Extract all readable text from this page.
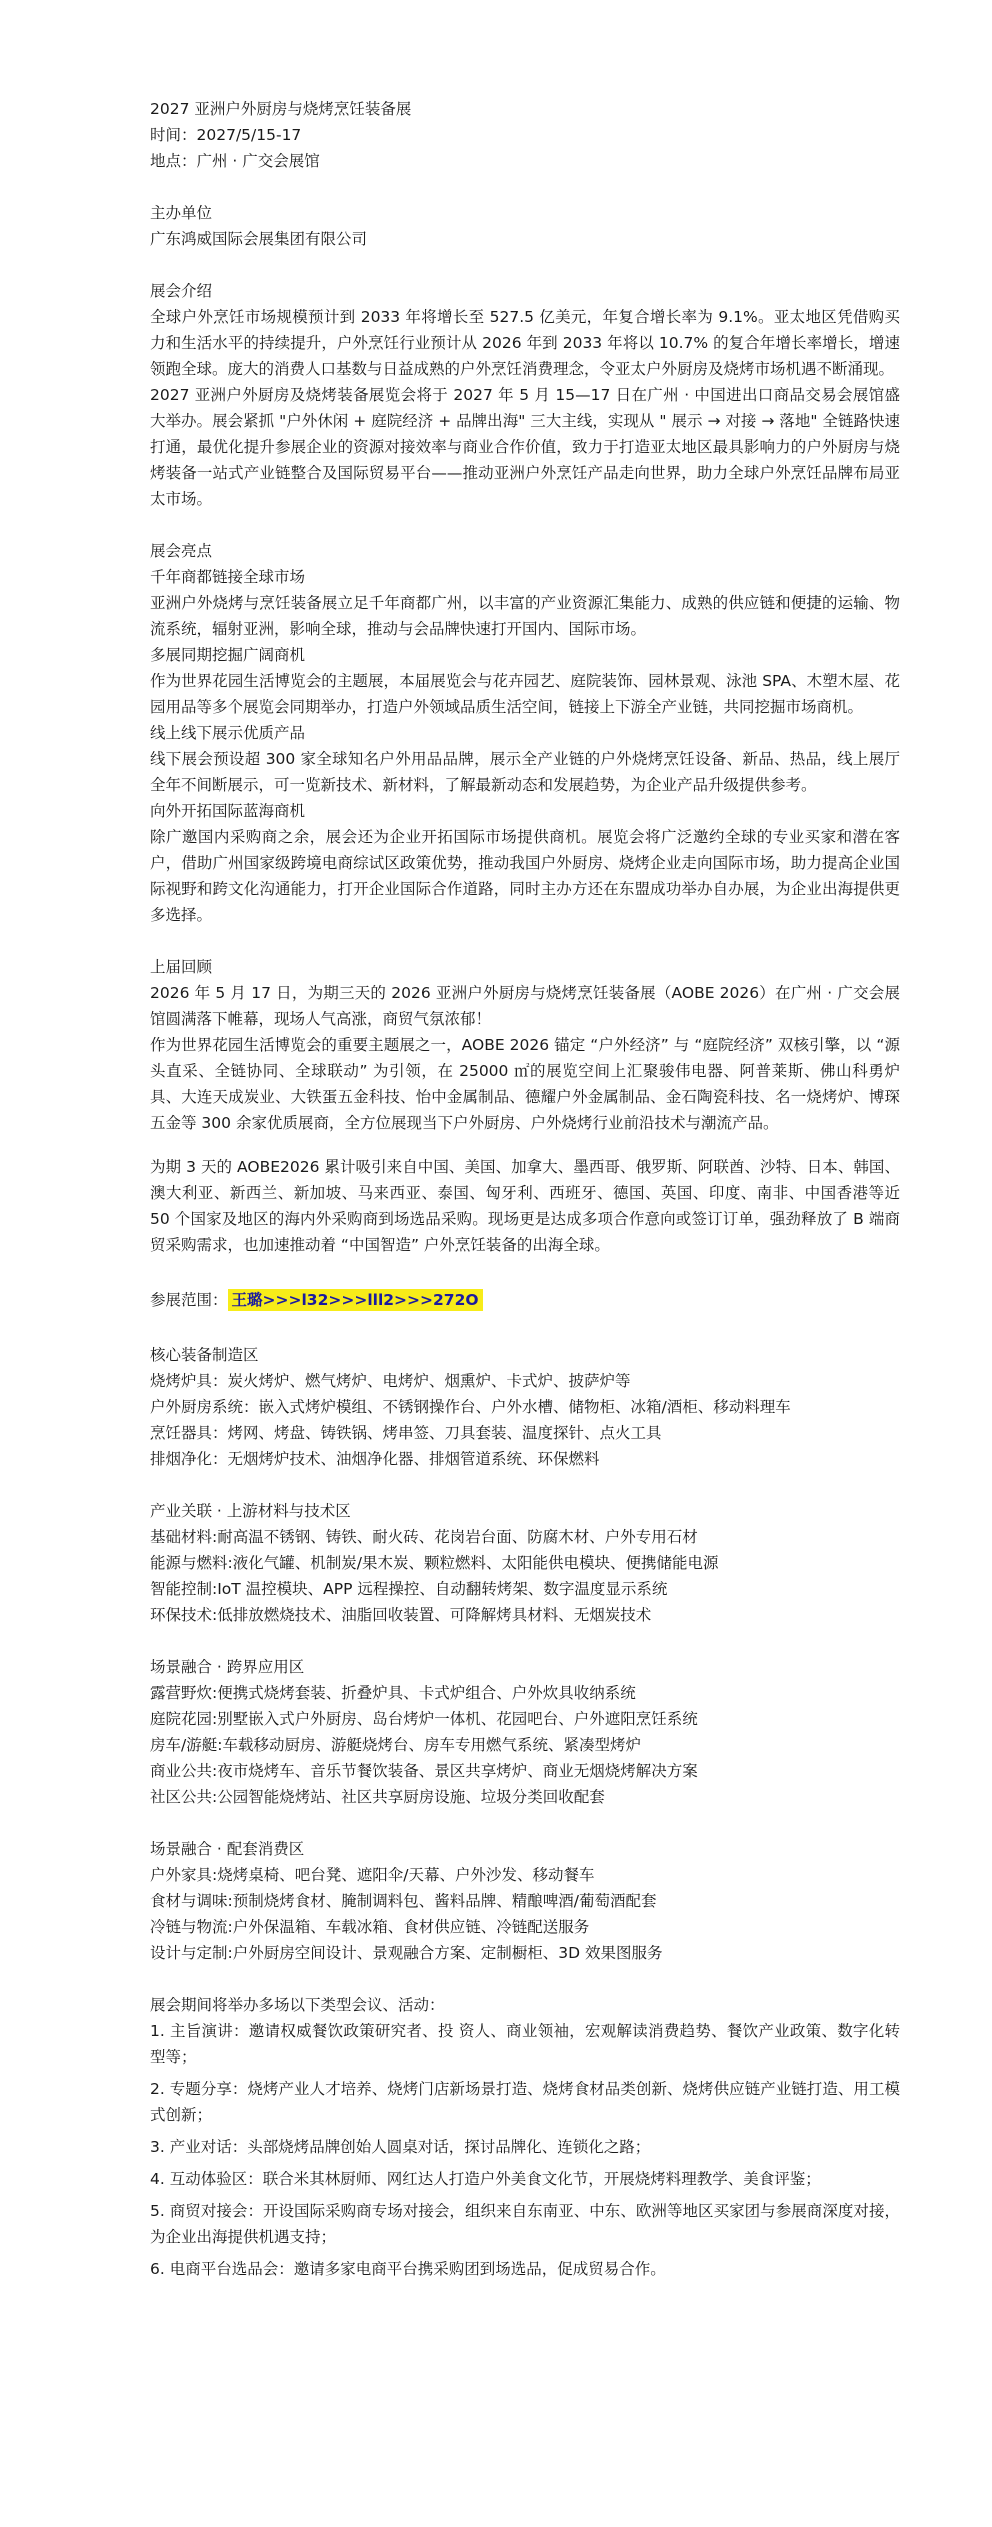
2027 亚洲户外厨房与烧烤烹饪装备展

时间：2027/5/15-17

地点：广州 · 广交会展馆

主办单位

广东鸿威国际会展集团有限公司

展会介绍

全球户外烹饪市场规模预计到 2033 年将增长至 527.5 亿美元，年复合增长率为 9.1%。亚太地区凭借购买力和生活水平的持续提升，户外烹饪行业预计从 2026 年到 2033 年将以 10.7% 的复合年增长率增长，增速领跑全球。庞大的消费人口基数与日益成熟的户外烹饪消费理念，令亚太户外厨房及烧烤市场机遇不断涌现。

2027 亚洲户外厨房及烧烤装备展览会将于 2027 年 5 月 15—17 日在广州 · 中国进出口商品交易会展馆盛大举办。展会紧抓 "户外休闲 + 庭院经济 + 品牌出海" 三大主线，实现从 " 展示 → 对接 → 落地" 全链路快速打通，最优化提升参展企业的资源对接效率与商业合作价值，致力于打造亚太地区最具影响力的户外厨房与烧烤装备一站式产业链整合及国际贸易平台——推动亚洲户外烹饪产品走向世界，助力全球户外烹饪品牌布局亚太市场。

展会亮点

千年商都链接全球市场

亚洲户外烧烤与烹饪装备展立足千年商都广州，以丰富的产业资源汇集能力、成熟的供应链和便捷的运输、物流系统，辐射亚洲，影响全球，推动与会品牌快速打开国内、国际市场。

多展同期挖掘广阔商机

作为世界花园生活博览会的主题展，本届展览会与花卉园艺、庭院装饰、园林景观、泳池 SPA、木塑木屋、花园用品等多个展览会同期举办，打造户外领域品质生活空间，链接上下游全产业链，共同挖掘市场商机。

线上线下展示优质产品

线下展会预设超 300 家全球知名户外用品品牌，展示全产业链的户外烧烤烹饪设备、新品、热品，线上展厅全年不间断展示，可一览新技术、新材料，了解最新动态和发展趋势，为企业产品升级提供参考。

向外开拓国际蓝海商机

除广邀国内采购商之余，展会还为企业开拓国际市场提供商机。展览会将广泛邀约全球的专业买家和潜在客户，借助广州国家级跨境电商综试区政策优势，推动我国户外厨房、烧烤企业走向国际市场，助力提高企业国际视野和跨文化沟通能力，打开企业国际合作道路，同时主办方还在东盟成功举办自办展，为企业出海提供更多选择。

上届回顾

2026 年 5 月 17 日，为期三天的 2026 亚洲户外厨房与烧烤烹饪装备展（AOBE 2026）在广州 · 广交会展馆圆满落下帷幕，现场人气高涨，商贸气氛浓郁！

作为世界花园生活博览会的重要主题展之一，AOBE 2026 锚定 “户外经济” 与 “庭院经济” 双核引擎，以 “源头直采、全链协同、全球联动” 为引领，在 25000 ㎡的展览空间上汇聚骏伟电器、阿普莱斯、佛山科勇炉具、大连天成炭业、大铁蛋五金科技、怡中金属制品、德耀户外金属制品、金石陶瓷科技、名一烧烤炉、博琛五金等 300 余家优质展商，全方位展现当下户外厨房、户外烧烤行业前沿技术与潮流产品。

为期 3 天的 AOBE2026 累计吸引来自中国、美国、加拿大、墨西哥、俄罗斯、阿联酋、沙特、日本、韩国、澳大利亚、新西兰、新加坡、马来西亚、泰国、匈牙利、西班牙、德国、英国、印度、南非、中国香港等近 50 个国家及地区的海内外采购商到场选品采购。现场更是达成多项合作意向或签订订单，强劲释放了 B 端商贸采购需求，也加速推动着 “中国智造” 户外烹饪装备的出海全球。

参展范围： 王璐>>>l32>>>lll2>>>272O

核心装备制造区

烧烤炉具：炭火烤炉、燃气烤炉、电烤炉、烟熏炉、卡式炉、披萨炉等

户外厨房系统：嵌入式烤炉模组、不锈钢操作台、户外水槽、储物柜、冰箱/酒柜、移动料理车

烹饪器具：烤网、烤盘、铸铁锅、烤串签、刀具套装、温度探针、点火工具

排烟净化：无烟烤炉技术、油烟净化器、排烟管道系统、环保燃料

产业关联 · 上游材料与技术区

基础材料:耐高温不锈钢、铸铁、耐火砖、花岗岩台面、防腐木材、户外专用石材

能源与燃料:液化气罐、机制炭/果木炭、颗粒燃料、太阳能供电模块、便携储能电源

智能控制:IoT 温控模块、APP 远程操控、自动翻转烤架、数字温度显示系统

环保技术:低排放燃烧技术、油脂回收装置、可降解烤具材料、无烟炭技术

场景融合 · 跨界应用区

露营野炊:便携式烧烤套装、折叠炉具、卡式炉组合、户外炊具收纳系统

庭院花园:别墅嵌入式户外厨房、岛台烤炉一体机、花园吧台、户外遮阳烹饪系统

房车/游艇:车载移动厨房、游艇烧烤台、房车专用燃气系统、紧凑型烤炉

商业公共:夜市烧烤车、音乐节餐饮装备、景区共享烤炉、商业无烟烧烤解决方案

社区公共:公园智能烧烤站、社区共享厨房设施、垃圾分类回收配套

场景融合 · 配套消费区

户外家具:烧烤桌椅、吧台凳、遮阳伞/天幕、户外沙发、移动餐车

食材与调味:预制烧烤食材、腌制调料包、酱料品牌、精酿啤酒/葡萄酒配套

冷链与物流:户外保温箱、车载冰箱、食材供应链、冷链配送服务

设计与定制:户外厨房空间设计、景观融合方案、定制橱柜、3D 效果图服务

展会期间将举办多场以下类型会议、活动：

1. 主旨演讲：邀请权威餐饮政策研究者、投 资人、商业领袖，宏观解读消费趋势、餐饮产业政策、数字化转型等；
2. 专题分享：烧烤产业人才培养、烧烤门店新场景打造、烧烤食材品类创新、烧烤供应链产业链打造、用工模式创新；
3. 产业对话：头部烧烤品牌创始人圆桌对话，探讨品牌化、连锁化之路；
4. 互动体验区：联合米其林厨师、网红达人打造户外美食文化节，开展烧烤料理教学、美食评鉴；
5. 商贸对接会：开设国际采购商专场对接会，组织来自东南亚、中东、欧洲等地区买家团与参展商深度对接，为企业出海提供机遇支持；
6. 电商平台选品会：邀请多家电商平台携采购团到场选品，促成贸易合作。
